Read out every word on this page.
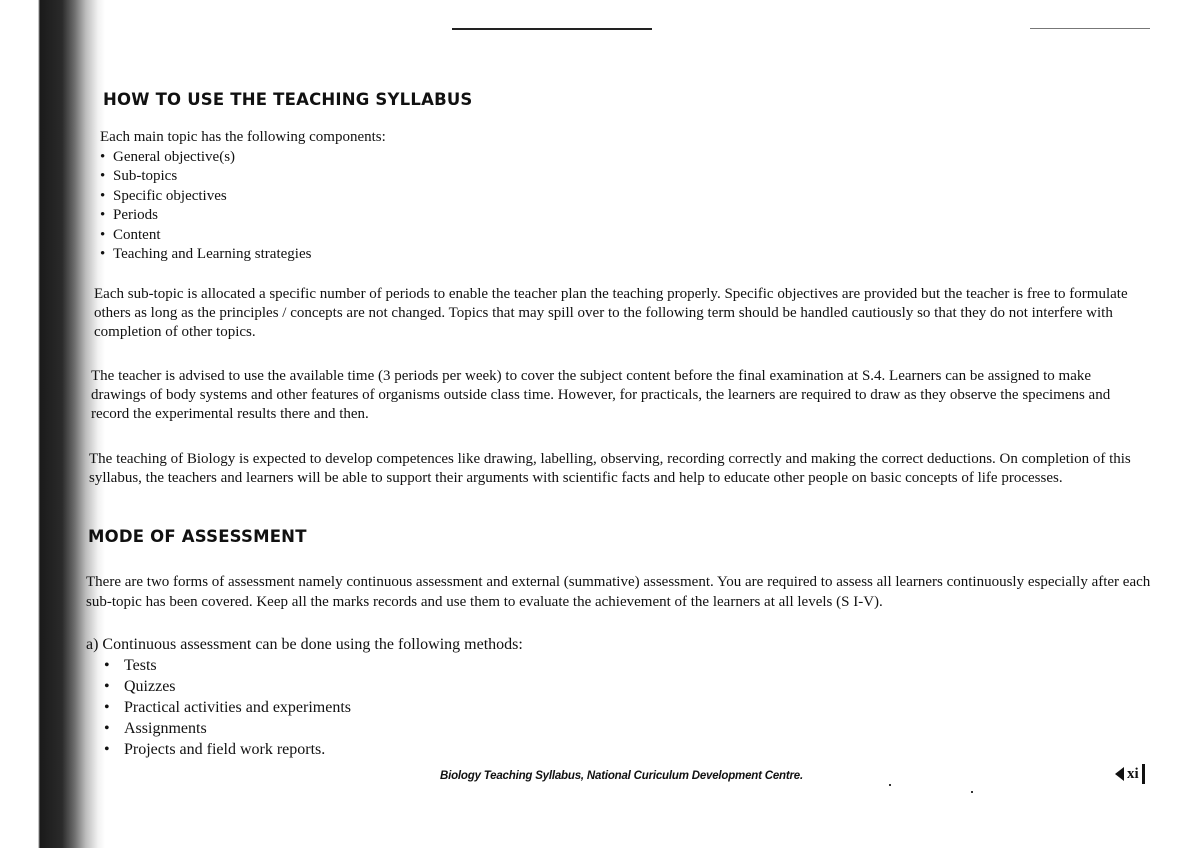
HOW TO USE THE TEACHING SYLLABUS
Each main topic has the following components:
• General objective(s)
• Sub-topics
• Specific objectives
• Periods
• Content
• Teaching and Learning strategies

Each sub-topic is allocated a specific number of periods to enable the teacher plan the teaching properly. Specific objectives are provided but the teacher is free to formulate others as long as the principles / concepts are not changed. Topics that may spill over to the following term should be handled cautiously so that they do not interfere with completion of other topics.

The teacher is advised to use the available time (3 periods per week) to cover the subject content before the final examination at S.4. Learners can be assigned to make drawings of body systems and other features of organisms outside class time. However, for practicals, the learners are required to draw as they observe the specimens and record the experimental results there and then.

The teaching of Biology is expected to develop competences like drawing, labelling, observing, recording correctly and making the correct deductions. On completion of this syllabus, the teachers and learners will be able to support their arguments with scientific facts and help to educate other people on basic concepts of life processes.

MODE OF ASSESSMENT

There are two forms of assessment namely continuous assessment and external (summative) assessment. You are required to assess all learners continuously especially after each sub-topic has been covered. Keep all the marks records and use them to evaluate the achievement of the learners at all levels (S I-V).

a) Continuous assessment can be done using the following methods:
• Tests
• Quizzes
• Practical activities and experiments
• Assignments
• Projects and field work reports.
Biology Teaching Syllabus, National Curiculum Development Centre.	xi
